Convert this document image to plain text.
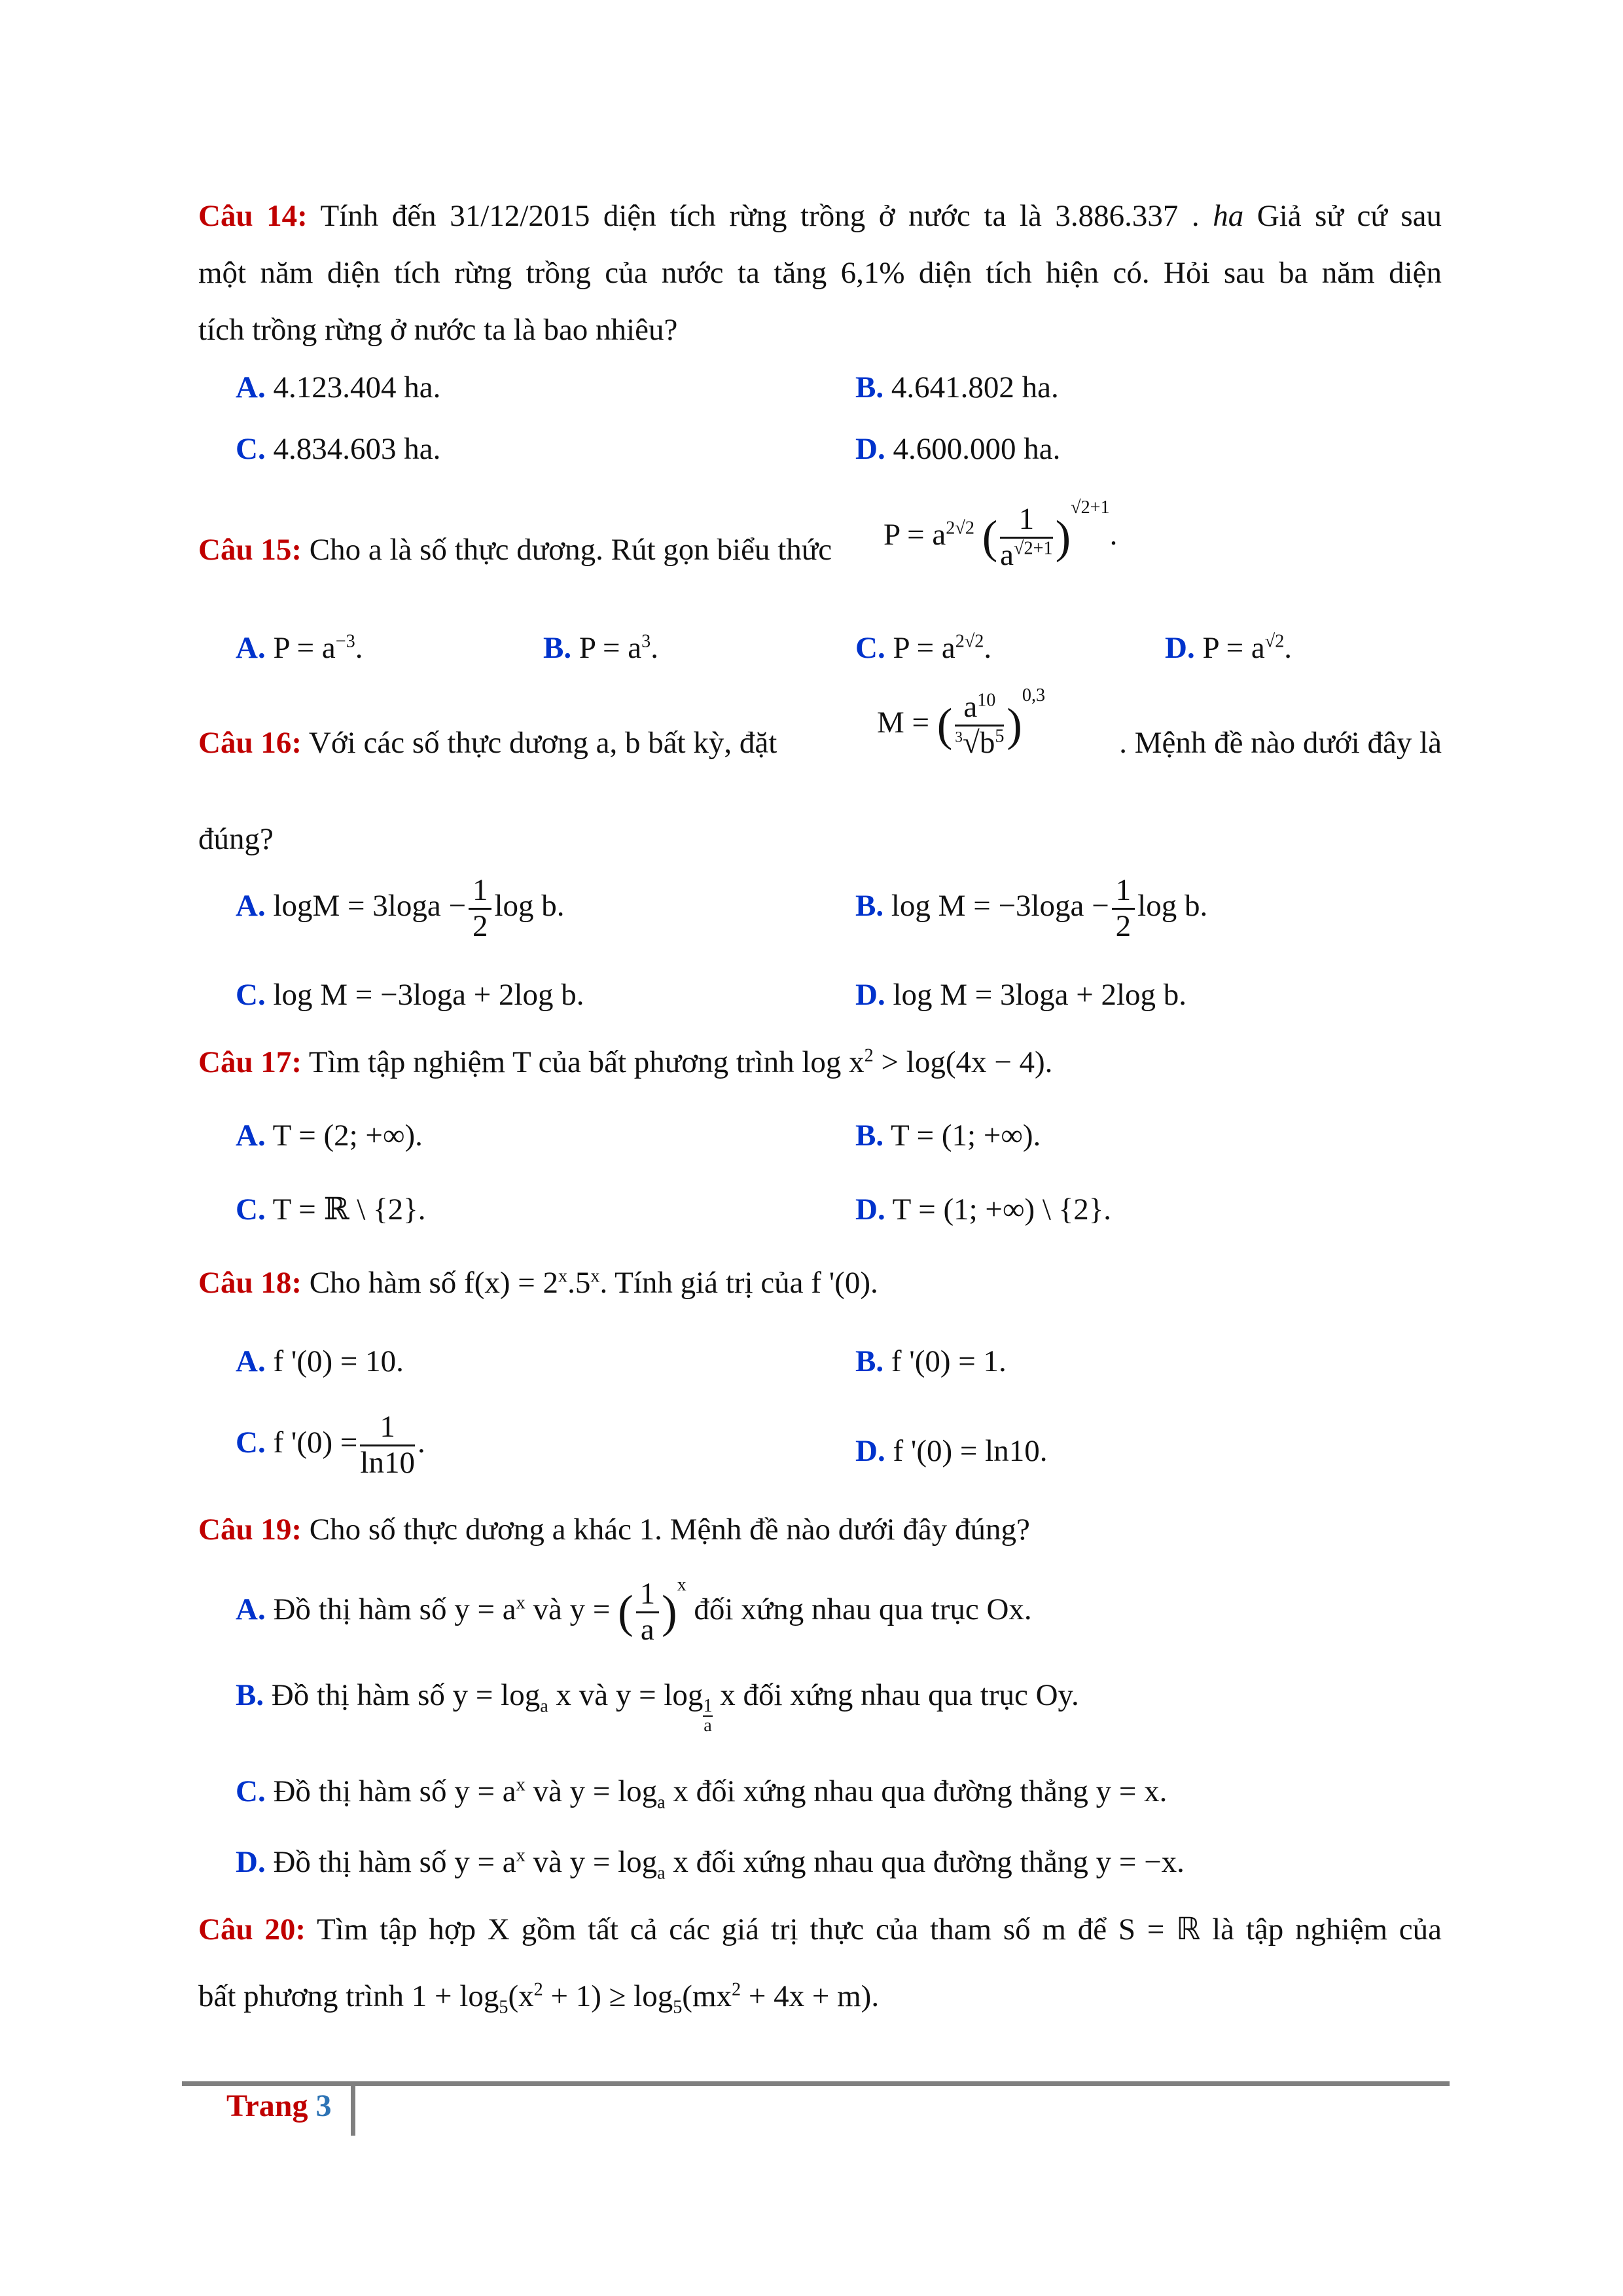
Câu 14: Tính đến 31/12/2015 diện tích rừng trồng ở nước ta là 3.886.337 . ha Giả sử cứ sau
một năm diện tích rừng trồng của nước ta tăng 6,1% diện tích hiện có. Hỏi sau ba năm diện
tích trồng rừng ở nước ta là bao nhiêu?
A. 4.123.404 ha.	B. 4.641.802 ha.
C. 4.834.603 ha.	D. 4.600.000 ha.
Câu 15: Cho a là số thực dương. Rút gọn biểu thức	$P = a^{2√2}$ ( $\frac{1}{a^{√2+1}} )^{√2+1}$.
A. $P = a^{-3}$.	B. $P = a^3$.	C. $P = a^{2√2}$.	D. $P = a^{√2}$.
Câu 16: Với các số thực dương a, b bất kỳ, đặt
M = ( $\frac{a^{10}}{^3√b^5} )^{0,3}$
. Mệnh đề nào dưới đây là
đúng?
A. $\log M = 3\log a - \frac{1}{2}$ log b.	B. $\log M = -3\log a - \frac{1}{2}$ log b.
C. log M = −3loga + 2log b.	D. log M = 3loga + 2log b.
Câu 17: Tìm tập nghiệm T của bất phương trình $\log x^2 > \log(4x - 4)$.
A. T = (2; +∞).	B. T = (1; +∞).
C. T = ℝ \ {2}.	D. T = (1; +∞) \ {2}.
Câu 18: Cho hàm số $f(x) = 2^x.5^x$. Tính giá trị của f '(0).
A. f '(0) = 10.	B. f '(0) = 1.
C. f '$(0) = \frac{1}{\ln 10}$ .	D. f '(0) = ln10.
Câu 19: Cho số thực dương a khác 1. Mệnh đề nào dưới đây đúng?
A. Đồ thị hàm số $y = a^x$ và y = ( $\frac{1}{a} )^x$ đối xứng nhau qua trục Ox.
B. Đồ thị hàm số $y = \log_a x$ và y = log
$_{\frac{1}{a}}$
x đối xứng nhau qua trục Oy.
C. Đồ thị hàm số $y = a^x$ và $y = \log_a x$ đối xứng nhau qua đường thẳng y = x.
D. Đồ thị hàm số $y = a^x$ và $y = \log_a x$ đối xứng nhau qua đường thẳng y = −x.
Câu 20: Tìm tập hợp X gồm tất cả các giá trị thực của tham số m để S = ℝ là tập nghiệm của
bất phương trình $1 + \log_5(x^2 + 1) \ge \log_5(mx^2 + 4x + m)$.
Trang 3
